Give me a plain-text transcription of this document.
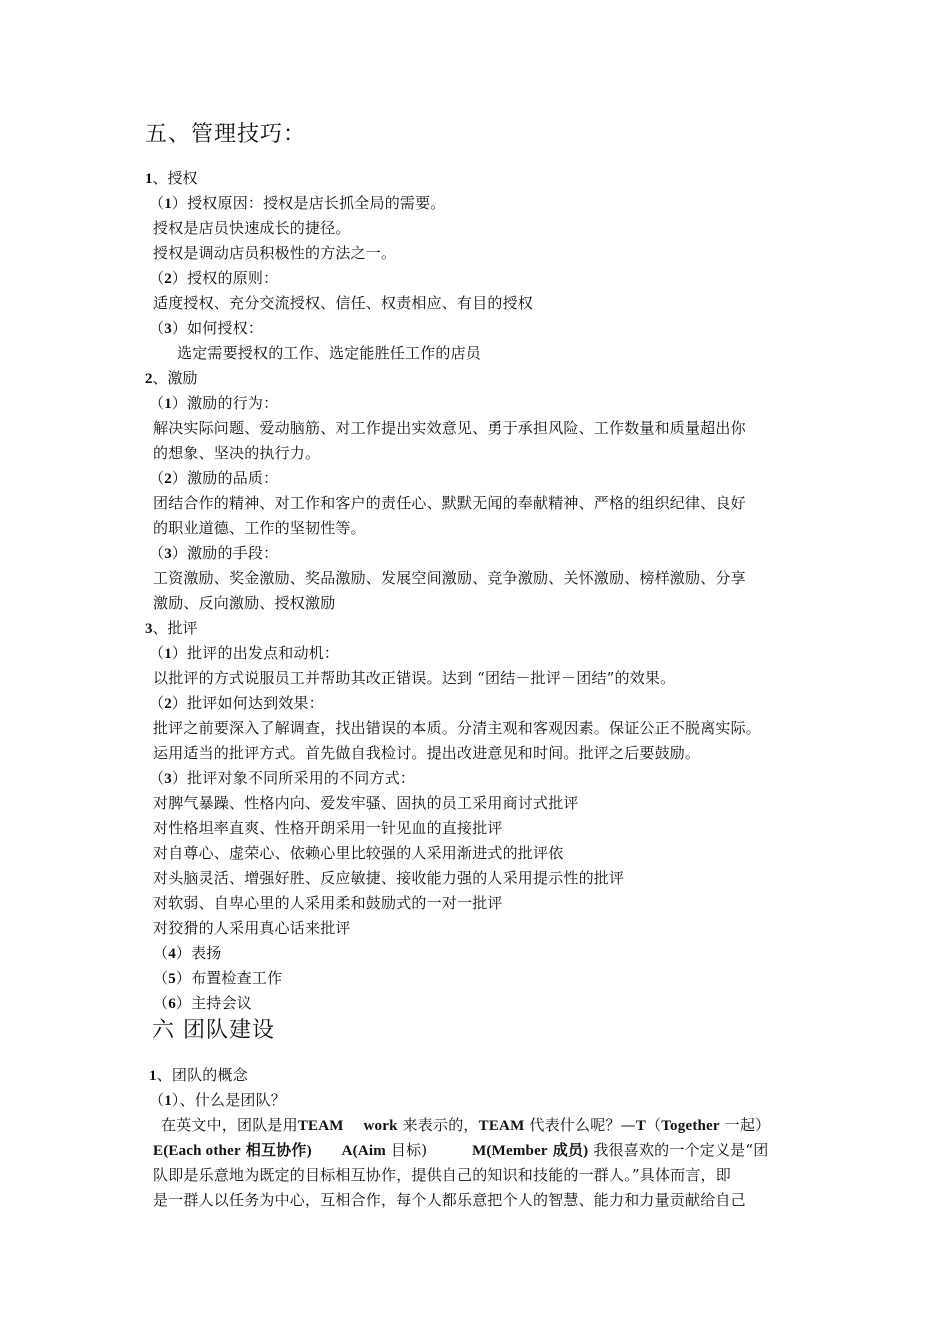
五、管理技巧：
1、授权
（1）授权原因：授权是店长抓全局的需要。
授权是店员快速成长的捷径。
授权是调动店员积极性的方法之一。
（2）授权的原则：
适度授权、充分交流授权、信任、权责相应、有目的授权
（3）如何授权：
选定需要授权的工作、选定能胜任工作的店员
2、激励
（1）激励的行为：
解决实际问题、爱动脑筋、对工作提出实效意见、勇于承担风险、工作数量和质量超出你
的想象、坚决的执行力。
（2）激励的品质：
团结合作的精神、对工作和客户的责任心、默默无闻的奉献精神、严格的组织纪律、良好
的职业道德、工作的坚韧性等。
（3）激励的手段：
工资激励、奖金激励、奖品激励、发展空间激励、竞争激励、关怀激励、榜样激励、分享
激励、反向激励、授权激励
3、批评
（1）批评的出发点和动机：
以批评的方式说服员工并帮助其改正错误。达到 “团结－批评－团结”的效果。
（2）批评如何达到效果：
批评之前要深入了解调查，找出错误的本质。分清主观和客观因素。保证公正不脱离实际。
运用适当的批评方式。首先做自我检讨。提出改进意见和时间。批评之后要鼓励。
（3）批评对象不同所采用的不同方式：
对脾气暴躁、性格内向、爱发牢骚、固执的员工采用商讨式批评
对性格坦率直爽、性格开朗采用一针见血的直接批评
对自尊心、虚荣心、依赖心里比较强的人采用渐进式的批评依
对头脑灵活、增强好胜、反应敏捷、接收能力强的人采用提示性的批评
对软弱、自卑心里的人采用柔和鼓励式的一对一批评
对狡猾的人采用真心话来批评
（4）表扬
（5）布置检查工作
（6）主持会议
六 团队建设
1、团队的概念
（1）、什么是团队？
在英文中，团队是用TEAM work 来表示的，TEAM 代表什么呢？—T（Together 一起）
E(Each other 相互协作) A(Aim 目标)	M(Member 成员) 我很喜欢的一个定义是“团
队即是乐意地为既定的目标相互协作，提供自己的知识和技能的一群人。”具体而言，即
是一群人以任务为中心，互相合作，每个人都乐意把个人的智慧、能力和力量贡献给自己
